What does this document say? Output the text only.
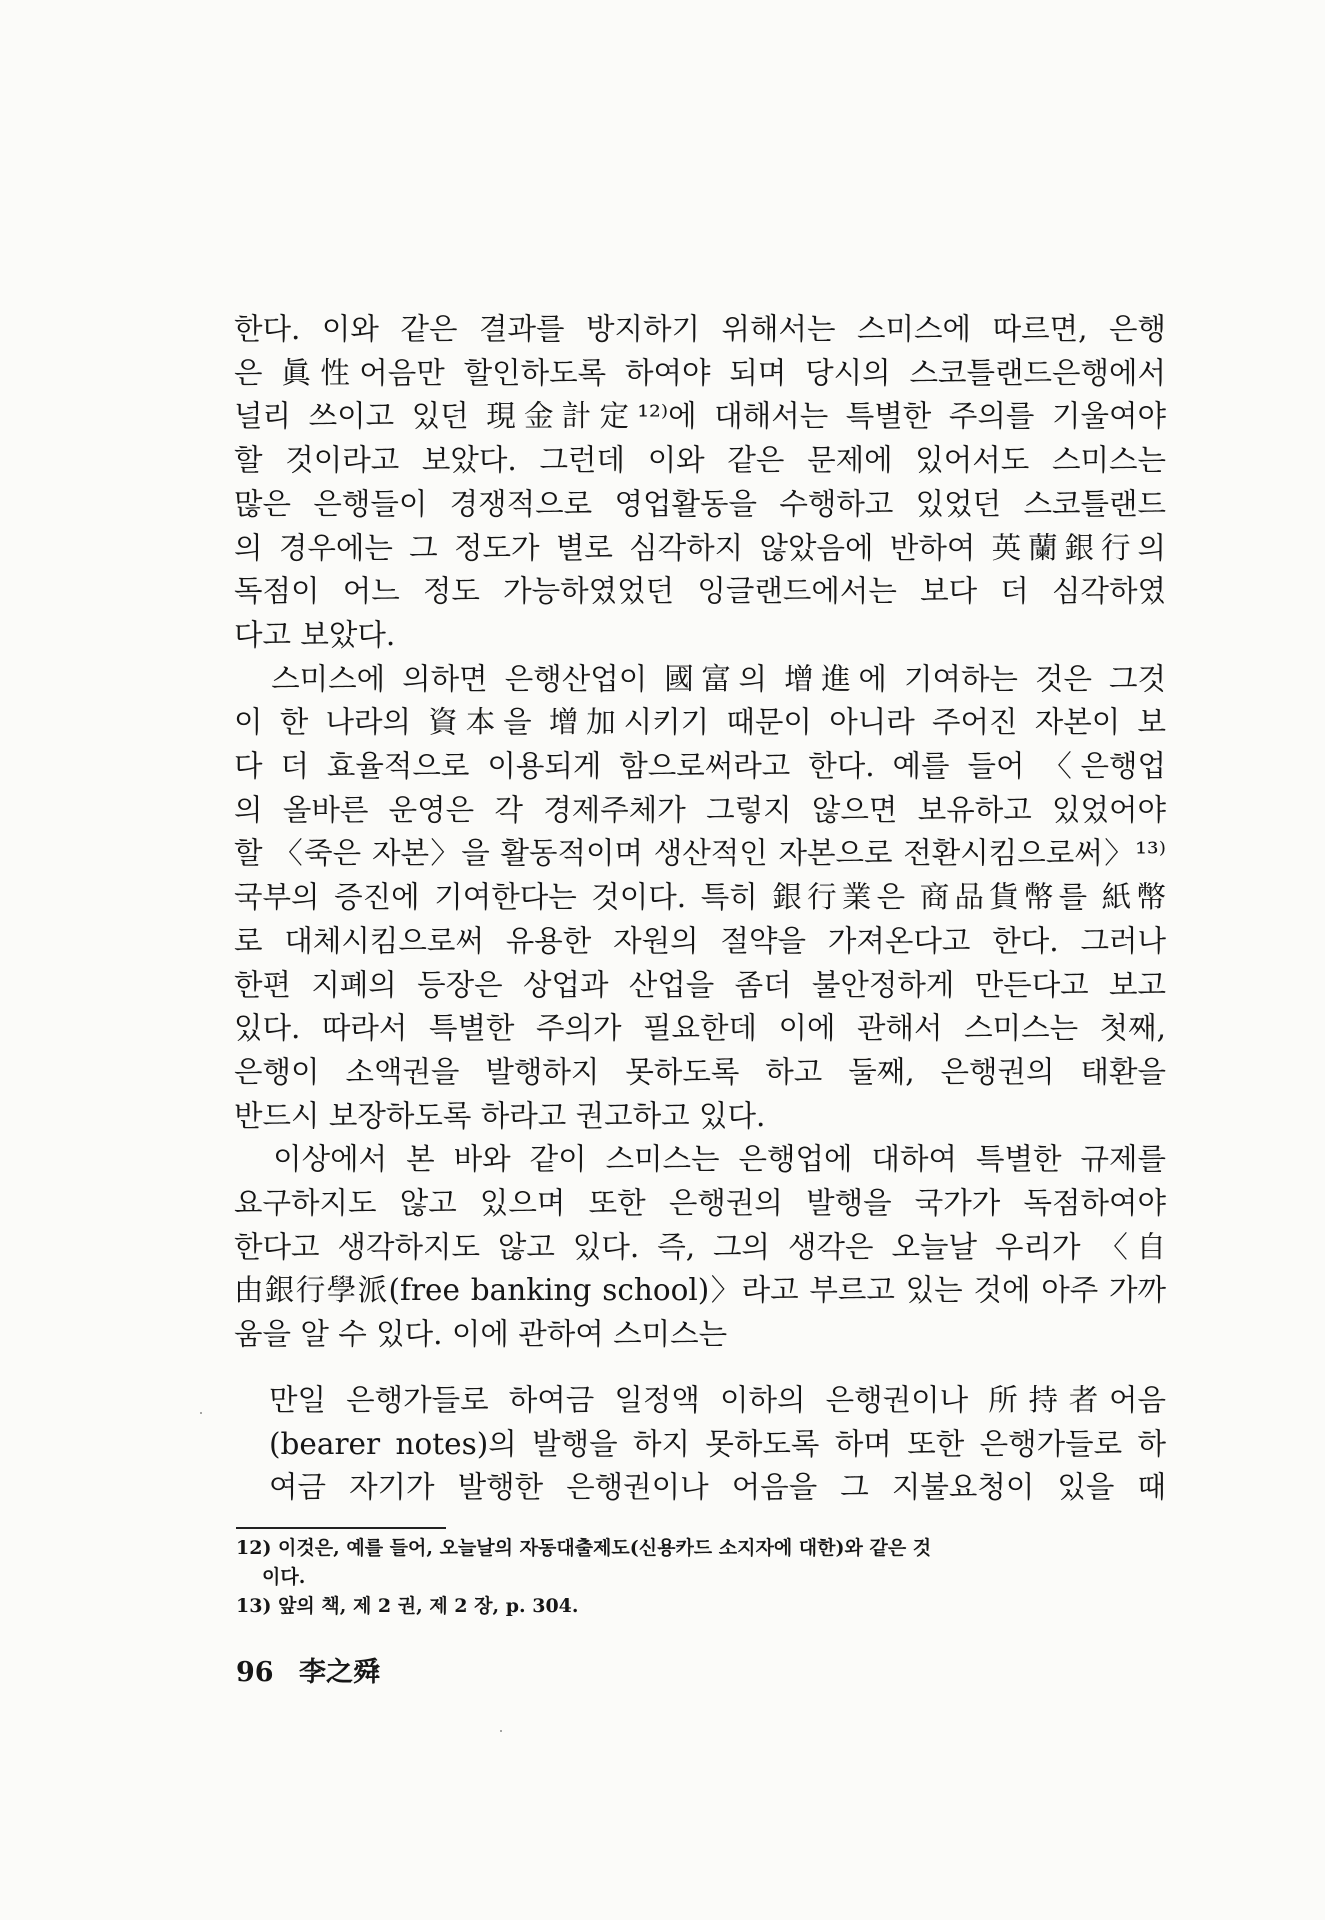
한다. 이와 같은 결과를 방지하기 위해서는 스미스에 따르면, 은행
은 眞性어음만 할인하도록 하여야 되며 당시의 스코틀랜드은행에서
널리 쓰이고 있던 現金計定¹²⁾에 대해서는 특별한 주의를 기울여야
할 것이라고 보았다. 그런데 이와 같은 문제에 있어서도 스미스는
많은 은행들이 경쟁적으로 영업활동을 수행하고 있었던 스코틀랜드
의 경우에는 그 정도가 별로 심각하지 않았음에 반하여 英蘭銀行의
독점이 어느 정도 가능하였었던 잉글랜드에서는 보다 더 심각하였
다고 보았다.
　스미스에 의하면 은행산업이 國富의 增進에 기여하는 것은 그것
이 한 나라의 資本을 增加시키기 때문이 아니라 주어진 자본이 보
다 더 효율적으로 이용되게 함으로써라고 한다. 예를 들어 〈은행업
의 올바른 운영은 각 경제주체가 그렇지 않으면 보유하고 있었어야
할 〈죽은 자본〉을 활동적이며 생산적인 자본으로 전환시킴으로써〉¹³⁾
국부의 증진에 기여한다는 것이다. 특히 銀行業은 商品貨幣를 紙幣
로 대체시킴으로써 유용한 자원의 절약을 가져온다고 한다. 그러나
한편 지폐의 등장은 상업과 산업을 좀더 불안정하게 만든다고 보고
있다. 따라서 특별한 주의가 필요한데 이에 관해서 스미스는 첫째,
은행이 소액권을 발행하지 못하도록 하고 둘째, 은행권의 태환을
반드시 보장하도록 하라고 권고하고 있다.
　이상에서 본 바와 같이 스미스는 은행업에 대하여 특별한 규제를
요구하지도 않고 있으며 또한 은행권의 발행을 국가가 독점하여야
한다고 생각하지도 않고 있다. 즉, 그의 생각은 오늘날 우리가 〈自
由銀行學派(free banking school)〉라고 부르고 있는 것에 아주 가까
움을 알 수 있다. 이에 관하여 스미스는
만일 은행가들로 하여금 일정액 이하의 은행권이나 所持者어음
(bearer notes)의 발행을 하지 못하도록 하며 또한 은행가들로 하
여금 자기가 발행한 은행권이나 어음을 그 지불요청이 있을 때
12) 이것은, 예를 들어, 오늘날의 자동대출제도(신용카드 소지자에 대한)와 같은 것
이다.
13) 앞의 책, 제 2 권, 제 2 장, p. 304.
96 李之舜
